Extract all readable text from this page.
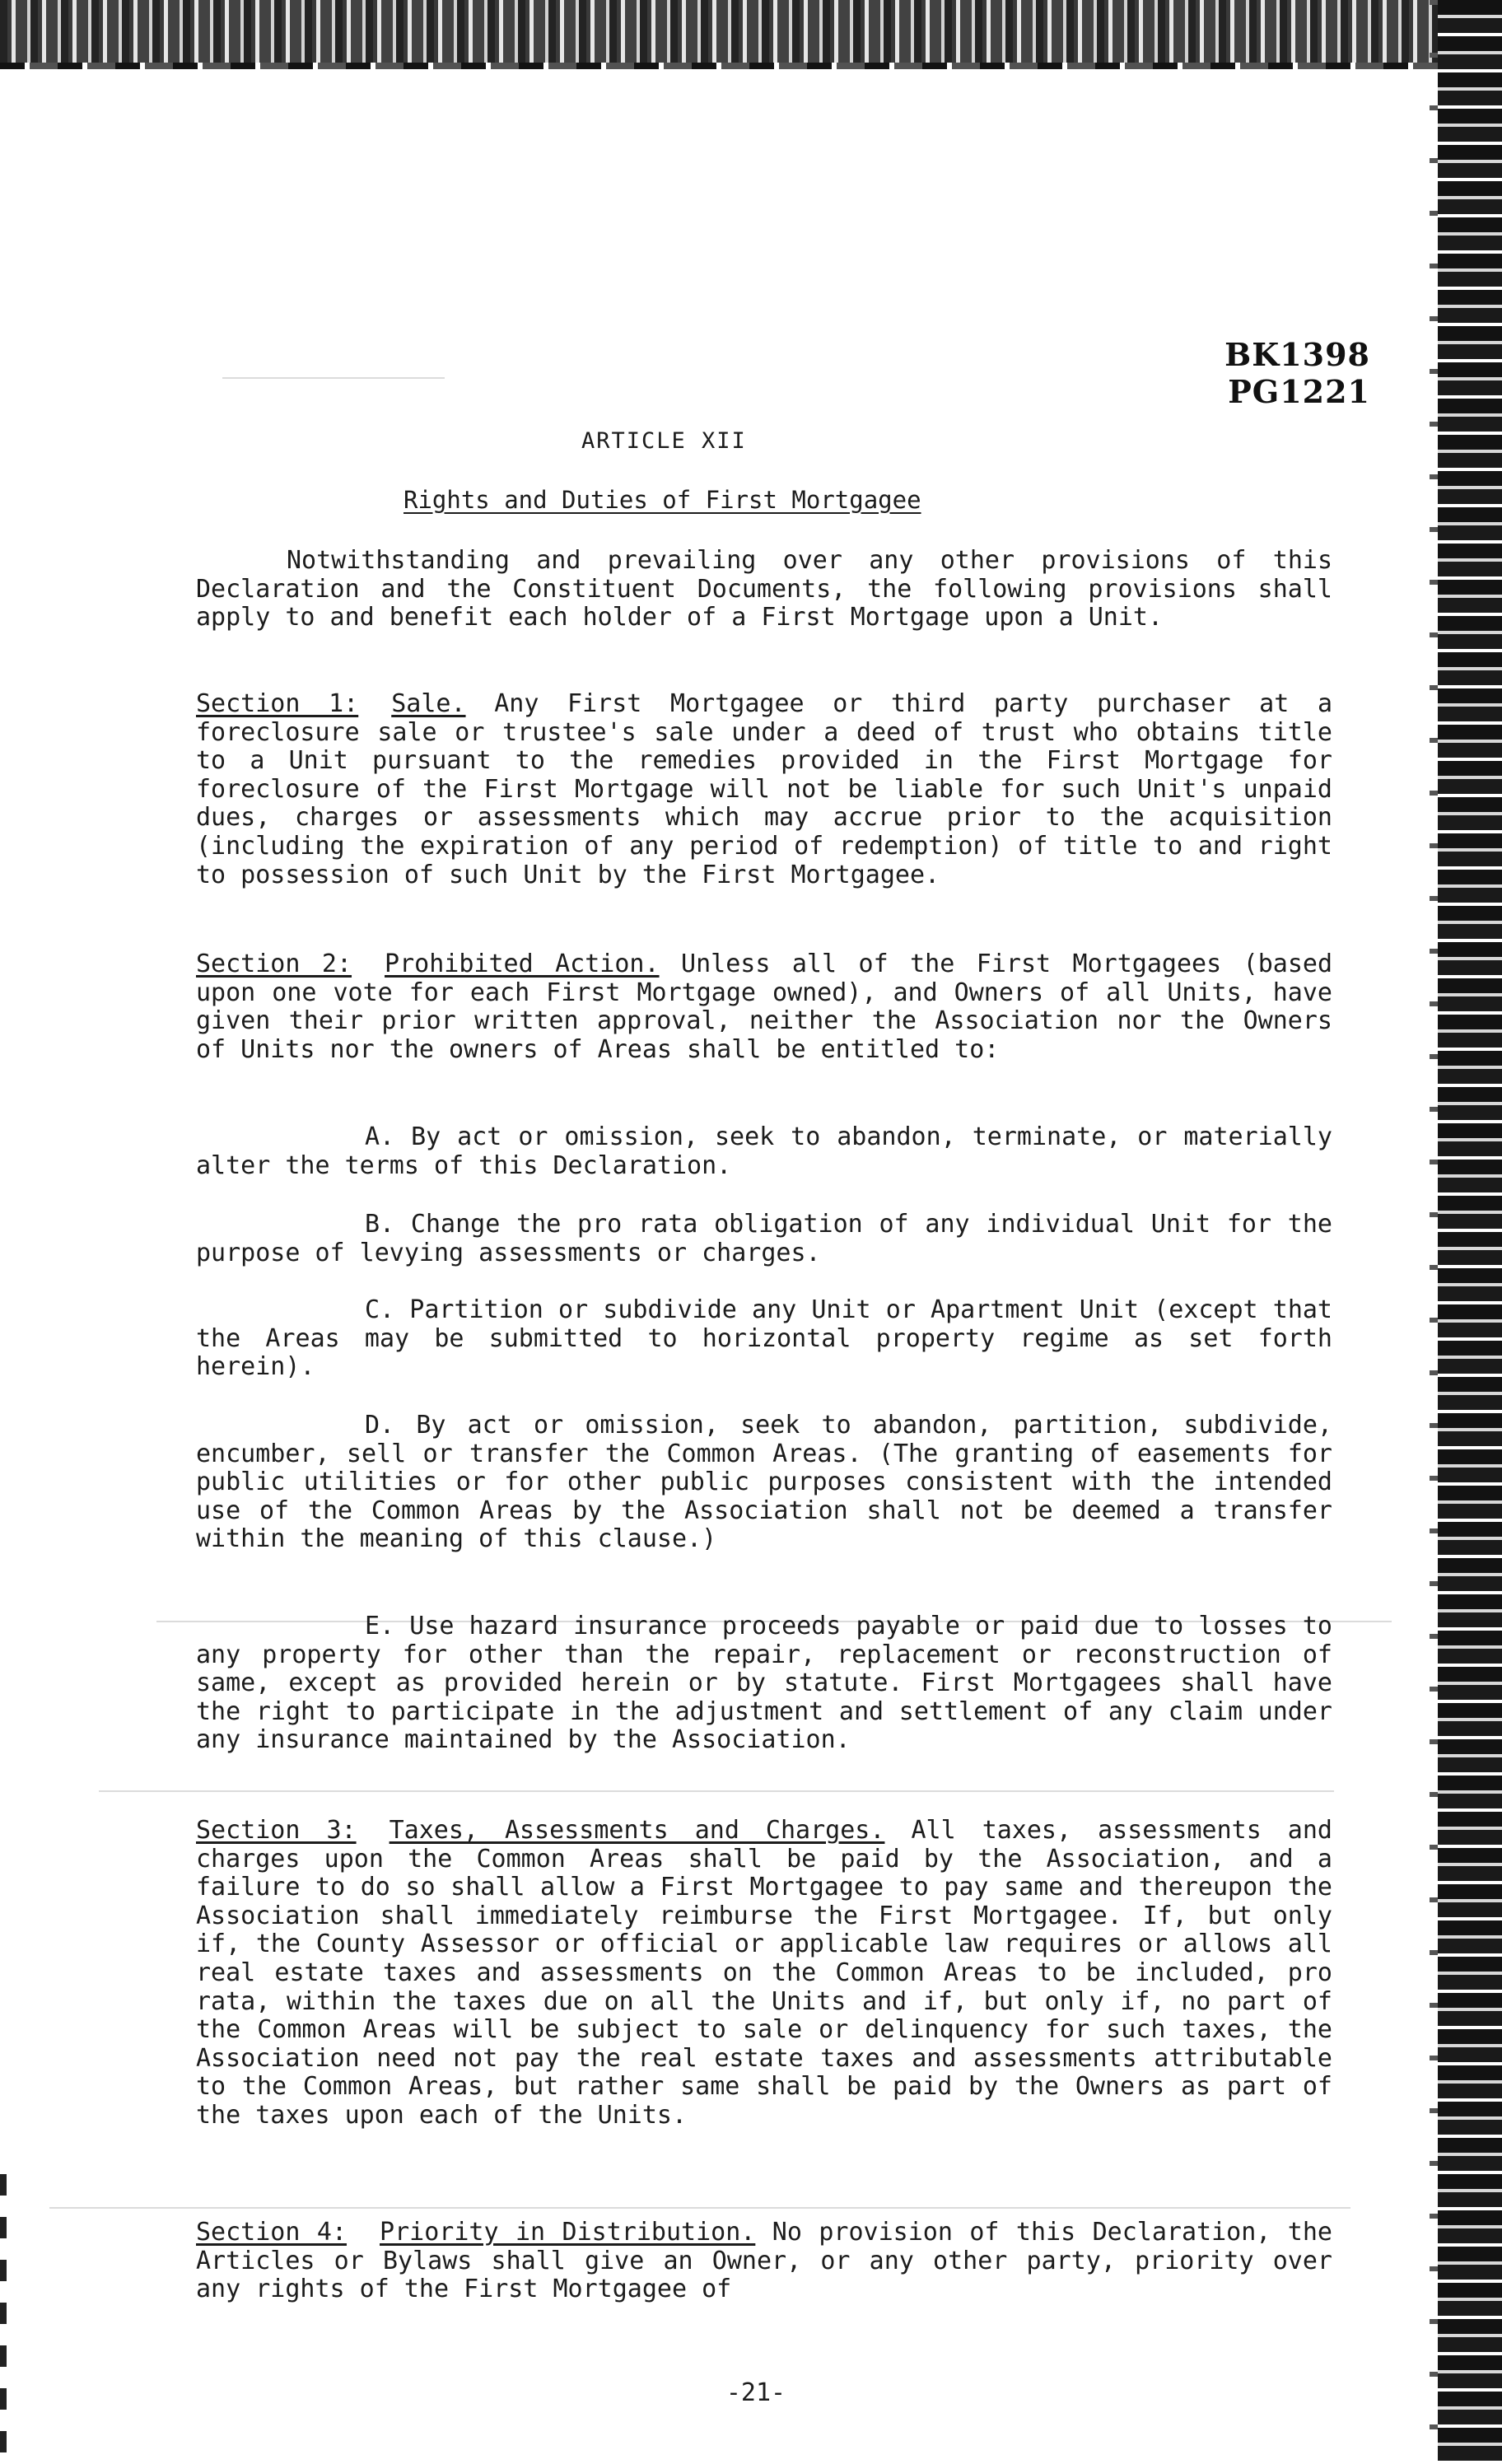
BK1398 PG1221
ARTICLE XII
Rights and Duties of First Mortgagee
Notwithstanding and prevailing over any other provisions of this Declaration and the Constituent Documents, the following provisions shall apply to and benefit each holder of a First Mortgage upon a Unit.
Section 1: Sale. Any First Mortgagee or third party purchaser at a foreclosure sale or trustee's sale under a deed of trust who obtains title to a Unit pursuant to the remedies provided in the First Mortgage for foreclosure of the First Mortgage will not be liable for such Unit's unpaid dues, charges or assessments which may accrue prior to the acquisition (including the expiration of any period of redemption) of title to and right to possession of such Unit by the First Mortgagee.
Section 2: Prohibited Action. Unless all of the First Mortgagees (based upon one vote for each First Mortgage owned), and Owners of all Units, have given their prior written approval, neither the Association nor the Owners of Units nor the owners of Areas shall be entitled to:
A. By act or omission, seek to abandon, terminate, or materially alter the terms of this Declaration.
B. Change the pro rata obligation of any individual Unit for the purpose of levying assessments or charges.
C. Partition or subdivide any Unit or Apartment Unit (except that the Areas may be submitted to horizontal property regime as set forth herein).
D. By act or omission, seek to abandon, partition, subdivide, encumber, sell or transfer the Common Areas. (The granting of easements for public utilities or for other public purposes consistent with the intended use of the Common Areas by the Association shall not be deemed a transfer within the meaning of this clause.)
E. Use hazard insurance proceeds payable or paid due to losses to any property for other than the repair, replacement or reconstruction of same, except as provided herein or by statute. First Mortgagees shall have the right to participate in the adjustment and settlement of any claim under any insurance maintained by the Association.
Section 3: Taxes, Assessments and Charges. All taxes, assessments and charges upon the Common Areas shall be paid by the Association, and a failure to do so shall allow a First Mortgagee to pay same and thereupon the Association shall immediately reimburse the First Mortgagee. If, but only if, the County Assessor or official or applicable law requires or allows all real estate taxes and assessments on the Common Areas to be included, pro rata, within the taxes due on all the Units and if, but only if, no part of the Common Areas will be subject to sale or delinquency for such taxes, the Association need not pay the real estate taxes and assessments attributable to the Common Areas, but rather same shall be paid by the Owners as part of the taxes upon each of the Units.
Section 4: Priority in Distribution. No provision of this Declaration, the Articles or Bylaws shall give an Owner, or any other party, priority over any rights of the First Mortgagee of
-21-
